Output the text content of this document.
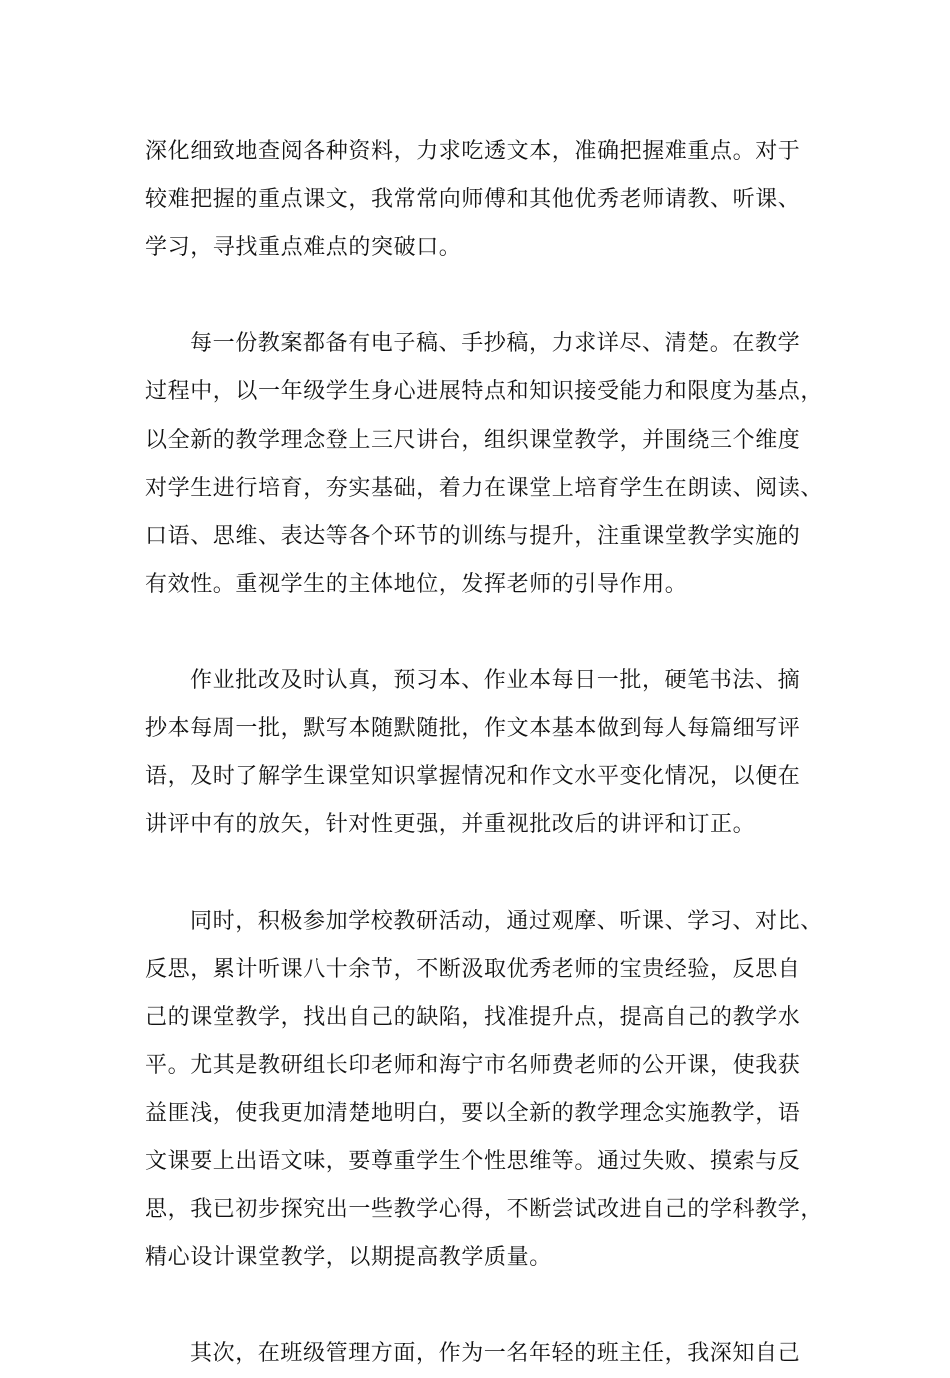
深化细致地查阅各种资料，力求吃透文本，准确把握难重点。对于
较难把握的重点课文，我常常向师傅和其他优秀老师请教、听课、
学习，寻找重点难点的突破口。
每一份教案都备有电子稿、手抄稿，力求详尽、清楚。在教学
过程中，以一年级学生身心进展特点和知识接受能力和限度为基点，
以全新的教学理念登上三尺讲台，组织课堂教学，并围绕三个维度
对学生进行培育，夯实基础，着力在课堂上培育学生在朗读、阅读、
口语、思维、表达等各个环节的训练与提升，注重课堂教学实施的
有效性。重视学生的主体地位，发挥老师的引导作用。
作业批改及时认真，预习本、作业本每日一批，硬笔书法、摘
抄本每周一批，默写本随默随批，作文本基本做到每人每篇细写评
语，及时了解学生课堂知识掌握情况和作文水平变化情况，以便在
讲评中有的放矢，针对性更强，并重视批改后的讲评和订正。
同时，积极参加学校教研活动，通过观摩、听课、学习、对比、
反思，累计听课八十余节，不断汲取优秀老师的宝贵经验，反思自
己的课堂教学，找出自己的缺陷，找准提升点，提高自己的教学水
平。尤其是教研组长印老师和海宁市名师费老师的公开课，使我获
益匪浅，使我更加清楚地明白，要以全新的教学理念实施教学，语
文课要上出语文味，要尊重学生个性思维等。通过失败、摸索与反
思，我已初步探究出一些教学心得，不断尝试改进自己的学科教学，
精心设计课堂教学，以期提高教学质量。
其次，在班级管理方面，作为一名年轻的班主任，我深知自己
